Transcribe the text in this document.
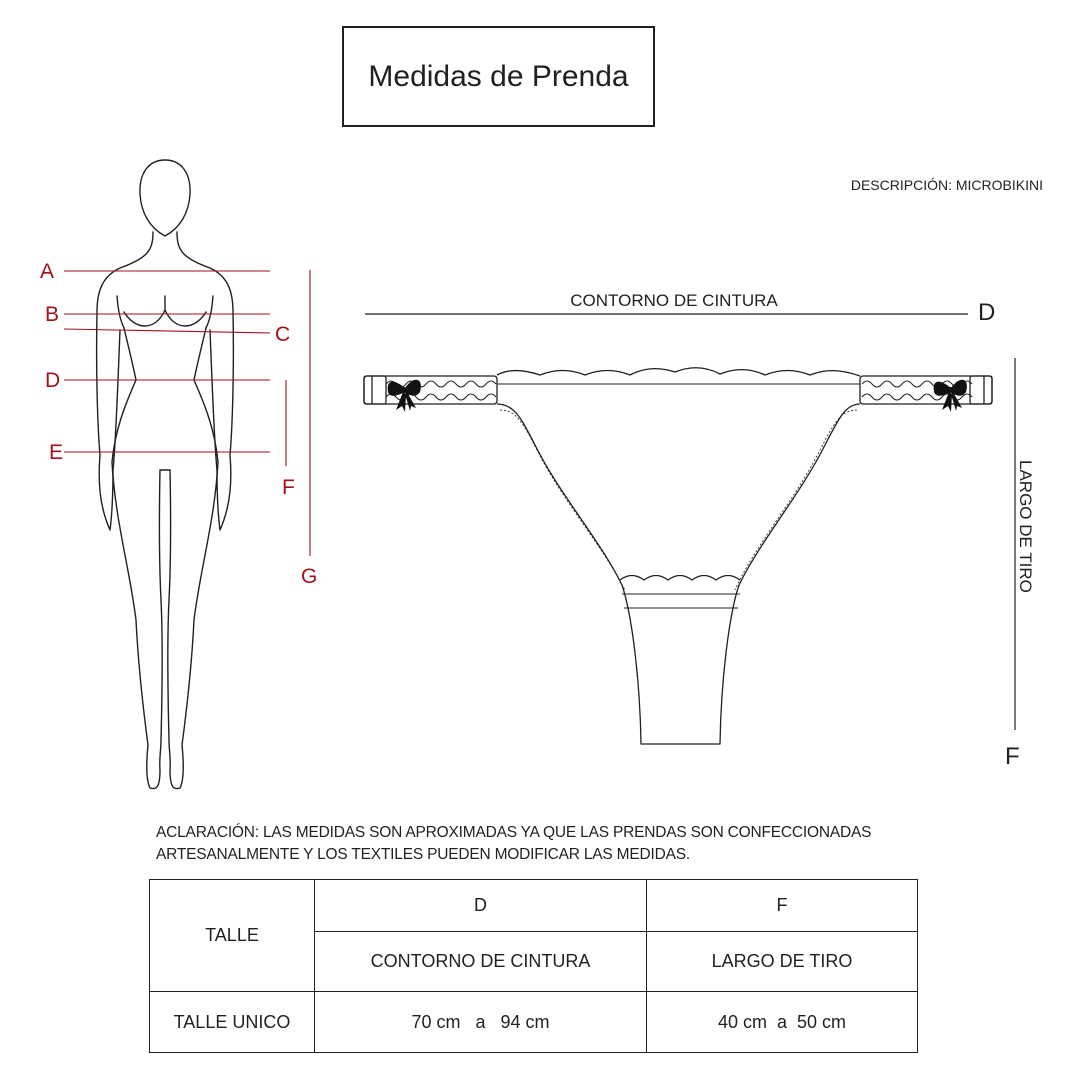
Medidas de Prenda
DESCRIPCIÓN: MICROBIKINI
A
B
C
D
E
F
G
CONTORNO DE CINTURA	D
LARGO DE TIRO
F
ACLARACIÓN: LAS MEDIDAS SON APROXIMADAS YA QUE LAS PRENDAS SON CONFECCIONADAS ARTESANALMENTE Y LOS TEXTILES PUEDEN MODIFICAR LAS MEDIDAS.
TALLE	D	F
	CONTORNO DE CINTURA	LARGO DE TIRO
TALLE UNICO	70 cm   a   94 cm	40 cm  a  50 cm
